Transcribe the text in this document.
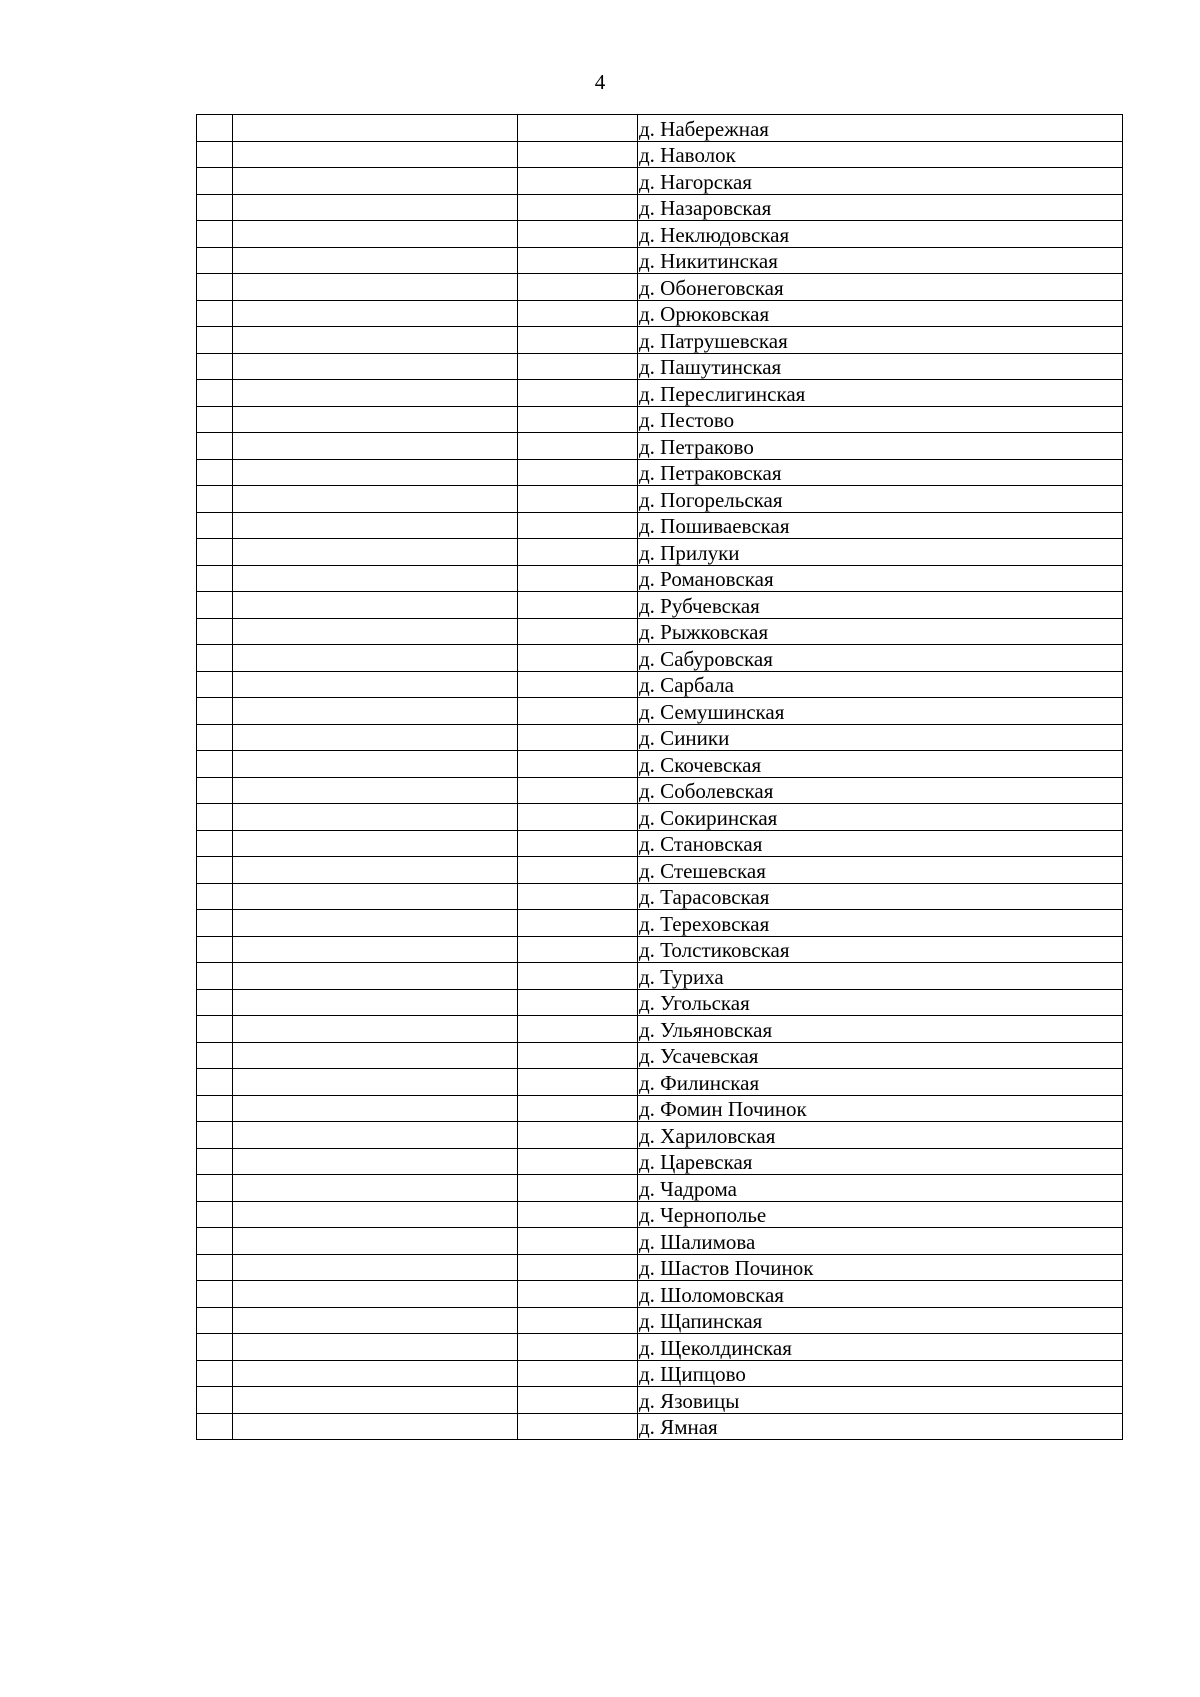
4
			д. Набережная
			д. Наволок
			д. Нагорская
			д. Назаровская
			д. Неклюдовская
			д. Никитинская
			д. Обонеговская
			д. Орюковская
			д. Патрушевская
			д. Пашутинская
			д. Переслигинская
			д. Пестово
			д. Петраково
			д. Петраковская
			д. Погорельская
			д. Пошиваевская
			д. Прилуки
			д. Романовская
			д. Рубчевская
			д. Рыжковская
			д. Сабуровская
			д. Сарбала
			д. Семушинская
			д. Синики
			д. Скочевская
			д. Соболевская
			д. Сокиринская
			д. Становская
			д. Стешевская
			д. Тарасовская
			д. Тереховская
			д. Толстиковская
			д. Туриха
			д. Угольская
			д. Ульяновская
			д. Усачевская
			д. Филинская
			д. Фомин Починок
			д. Хариловская
			д. Царевская
			д. Чадрома
			д. Чернополье
			д. Шалимова
			д. Шастов Починок
			д. Шоломовская
			д. Щапинская
			д. Щеколдинская
			д. Щипцово
			д. Язовицы
			д. Ямная
